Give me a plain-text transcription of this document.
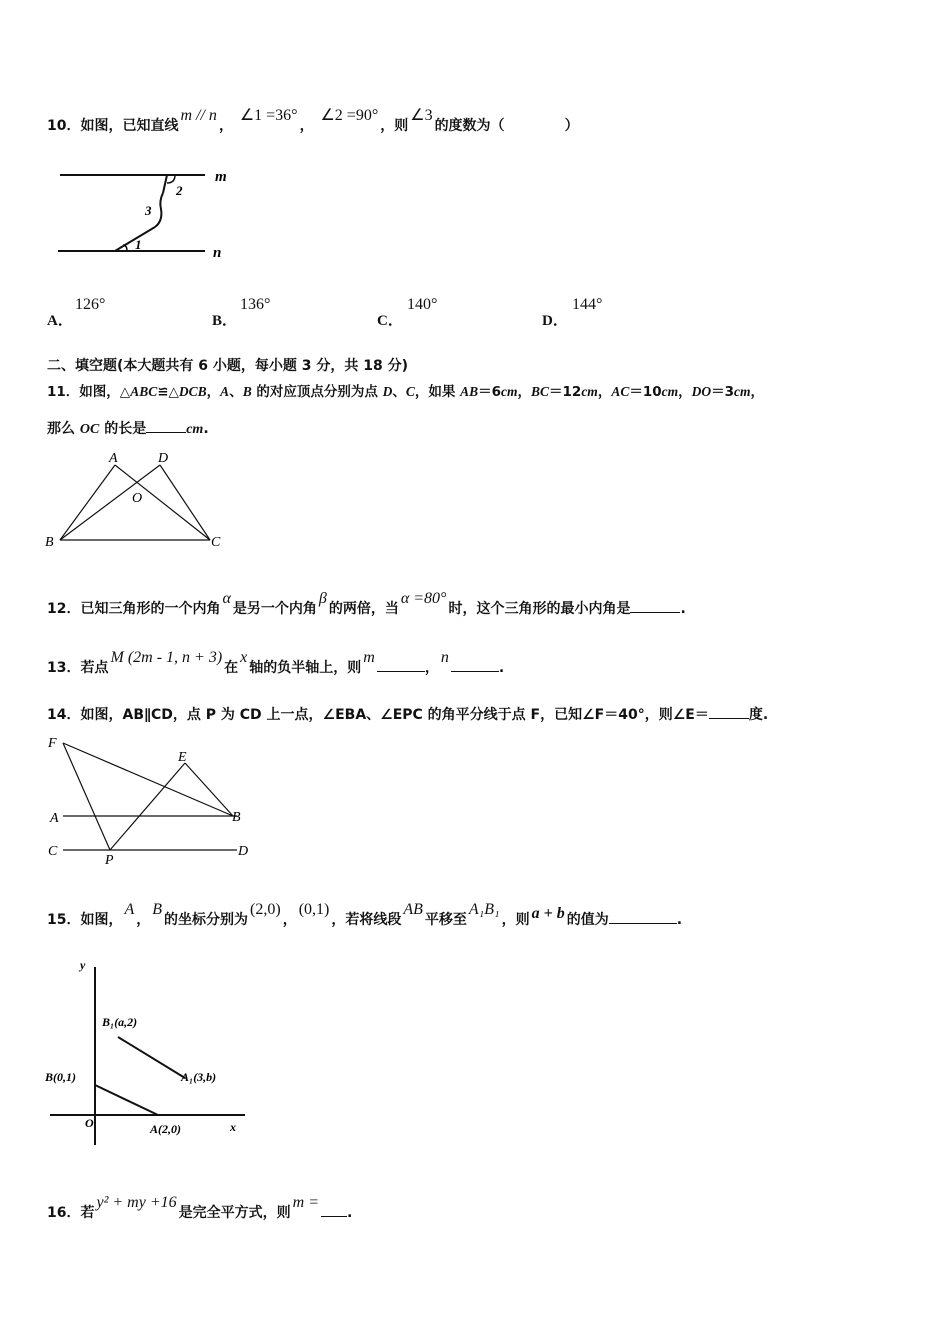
10．如图，已知直线m // n， ∠1 =36°， ∠2 =90°，则∠3的度数为（	）
m
n
1
2
3
A．
126°
B．
136°
C．
140°
D．
144°
二、填空题(本大题共有 6 小题，每小题 3 分，共 18 分)
11．如图，△ABC≌△DCB，A、B 的对应顶点分别为点 D、C，如果 AB＝6cm，BC＝12cm，AC＝10cm，DO＝3cm，
那么 OC 的长是	cm.
A	D
O
B	C
12．已知三角形的一个内角α是另一个内角β的两倍，当α =80°时，这个三角形的最小内角是	.
13．若点M (2m - 1, n + 3)在x轴的负半轴上，则m，n.
14．如图，AB∥CD，点 P 为 CD 上一点，∠EBA、∠EPC 的角平分线于点 F，已知∠F＝40°，则∠E＝	度.
F
E
A	B
C	D
P
15．如图，A，B的坐标分别为(2,0)，(0,1)，若将线段AB平移至A₁B₁，则 a + b 的值为	.
y
x
O
B₁(a,2)
A₁(3,b)
B(0,1)
A(2,0)
16．若y² + my +16是完全平方式，则m =.
